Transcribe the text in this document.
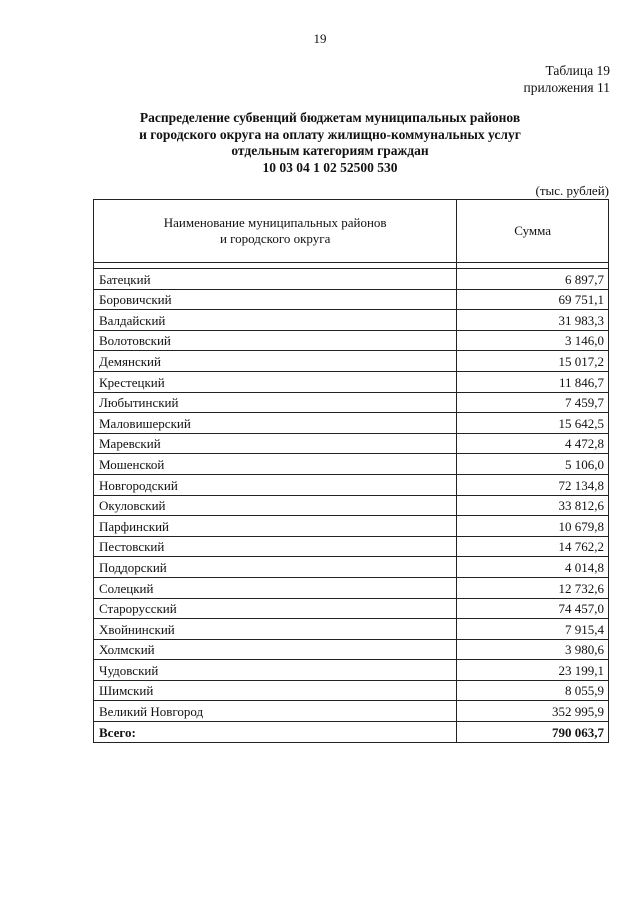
19
Таблица 19
приложения 11
Распределение субвенций бюджетам муниципальных районов
и городского округа на оплату жилищно-коммунальных услуг
отдельным категориям граждан
10 03 04 1 02 52500 530
(тыс. рублей)
Наименование муниципальных районов
и городского округа	Сумма

Батецкий	6 897,7
Боровичский	69 751,1
Валдайский	31 983,3
Волотовский	3 146,0
Демянский	15 017,2
Крестецкий	11 846,7
Любытинский	7 459,7
Маловишерский	15 642,5
Маревский	4 472,8
Мошенской	5 106,0
Новгородский	72 134,8
Окуловский	33 812,6
Парфинский	10 679,8
Пестовский	14 762,2
Поддорский	4 014,8
Солецкий	12 732,6
Старорусский	74 457,0
Хвойнинский	7 915,4
Холмский	3 980,6
Чудовский	23 199,1
Шимский	8 055,9
Великий Новгород	352 995,9
Всего:	790 063,7
